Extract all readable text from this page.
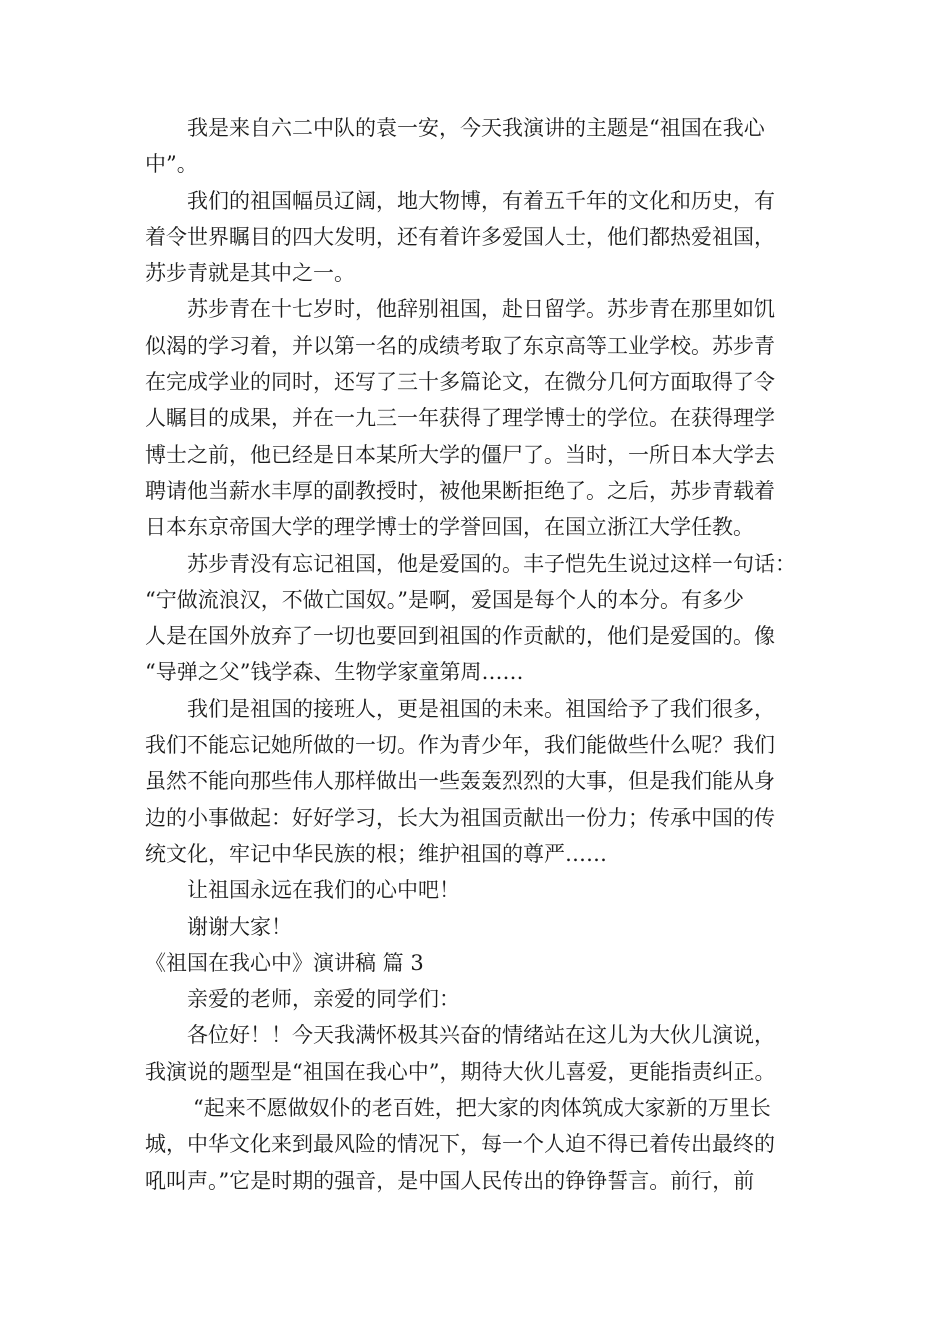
我是来自六二中队的袁一安，今天我演讲的主题是“祖国在我心
中”。
我们的祖国幅员辽阔，地大物博，有着五千年的文化和历史，有
着令世界瞩目的四大发明，还有着许多爱国人士，他们都热爱祖国，
苏步青就是其中之一。
苏步青在十七岁时，他辞别祖国，赴日留学。苏步青在那里如饥
似渴的学习着，并以第一名的成绩考取了东京高等工业学校。苏步青
在完成学业的同时，还写了三十多篇论文，在微分几何方面取得了令
人瞩目的成果，并在一九三一年获得了理学博士的学位。在获得理学
博士之前，他已经是日本某所大学的僵尸了。当时，一所日本大学去
聘请他当薪水丰厚的副教授时，被他果断拒绝了。之后，苏步青载着
日本东京帝国大学的理学博士的学誉回国，在国立浙江大学任教。
苏步青没有忘记祖国，他是爱国的。丰子恺先生说过这样一句话：
“宁做流浪汉，不做亡国奴。”是啊，爱国是每个人的本分。有多少
人是在国外放弃了一切也要回到祖国的作贡献的，他们是爱国的。像
“导弹之父”钱学森、生物学家童第周……
我们是祖国的接班人，更是祖国的未来。祖国给予了我们很多，
我们不能忘记她所做的一切。作为青少年，我们能做些什么呢？我们
虽然不能向那些伟人那样做出一些轰轰烈烈的大事，但是我们能从身
边的小事做起：好好学习，长大为祖国贡献出一份力；传承中国的传
统文化，牢记中华民族的根；维护祖国的尊严……
让祖国永远在我们的心中吧！
谢谢大家！
《祖国在我心中》演讲稿 篇 3
亲爱的老师，亲爱的同学们：
各位好！！今天我满怀极其兴奋的情绪站在这儿为大伙儿演说，
我演说的题型是“祖国在我心中”，期待大伙儿喜爱，更能指责纠正。
“起来不愿做奴仆的老百姓，把大家的肉体筑成大家新的万里长
城，中华文化来到最风险的情况下，每一个人迫不得已着传出最终的
吼叫声。”它是时期的强音，是中国人民传出的铮铮誓言。前行，前
